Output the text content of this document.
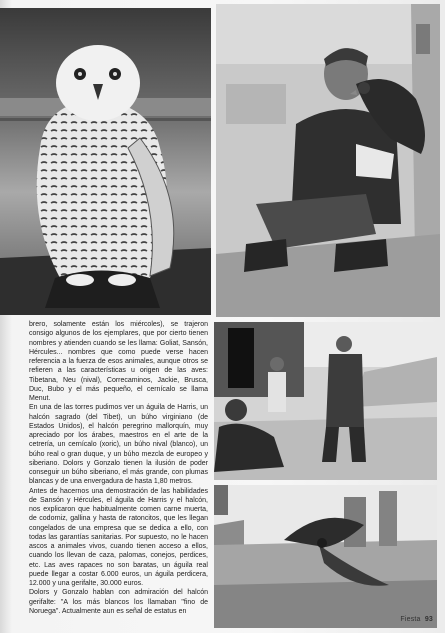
brero, solamente están los miércoles), se trajeron consigo algunos de los ejemplares, que por cierto tienen nombres y atienden cuando se les llama: Goliat, Sansón, Hércules... nombres que como puede verse hacen referencia a la fuerza de esos animales, aunque otros se refieren a las características u origen de las aves: Tibetana, Neu (nival), Correcaminos, Jackie, Brusca, Duc, Bubo y el más pequeño, el cernícalo se llama Menut.

En una de las torres pudimos ver un águila de Harris, un halcón sagrado (del Tibet), un búho virginiano (de Estados Unidos), el halcón peregrino mallorquín, muy apreciado por los árabes, maestros en el arte de la cetrería, un cernícalo (xoric), un búho nival (blanco), un búho real o gran duque, y un búho mezcla de europeo y siberiano. Dolors y Gonzalo tienen la ilusión de poder conseguir un búho siberiano, el más grande, con plumas blancas y de una envergadura de hasta 1,80 metros.

Antes de hacernos una demostración de las habilidades de Sansón y Hércules, el águila de Harris y el halcón, nos explicaron que habitualmente comen carne muerta, de codorniz, gallina y hasta de ratoncitos, que les llegan congelados de una empresa que se dedica a ello, con todas las garantías sanitarias. Por supuesto, no le hacen ascos a animales vivos, cuando tienen acceso a ellos, cuando los llevan de caza, palomas, conejos, perdices, etc. Las aves rapaces no son baratas, un águila real puede llegar a costar 6.000 euros, un águila perdicera, 12.000 y una gerifalte, 30.000 euros.

Dolors y Gonzalo hablan con admiración del halcón gerifalte: "A los más blancos los llamaban "fino de Noruega". Actualmente aun es señal de estatus en

Fiesta 93
